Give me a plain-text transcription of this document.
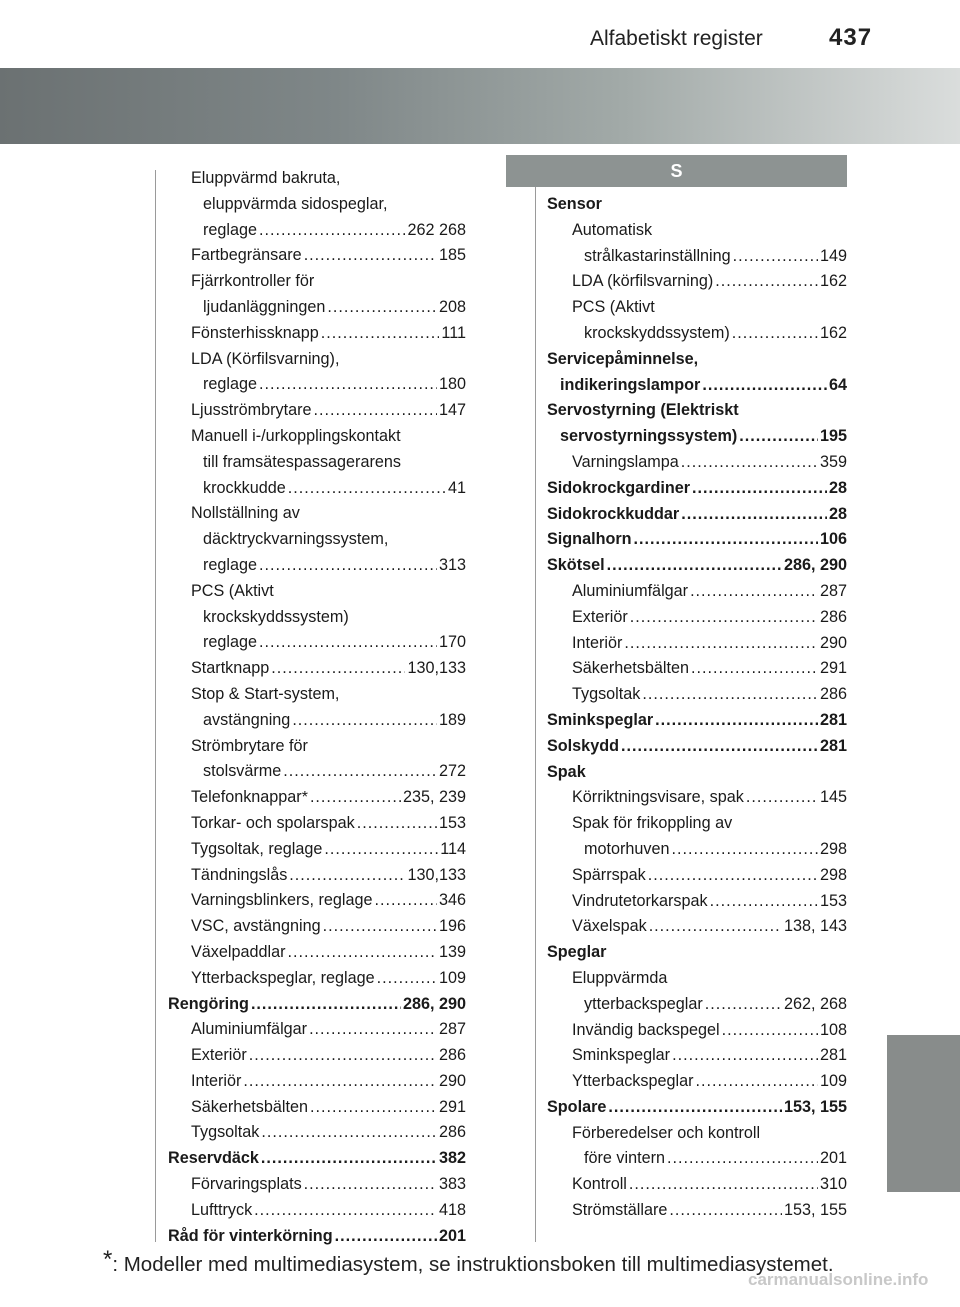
Alfabetiskt register	437
Eluppvärmd bakruta,
eluppvärmda sidospeglar,
reglage .....	262 268
Fartbegränsare .....	185
Fjärrkontroller för
ljudanläggningen .....	208
Fönsterhissknapp .....	111
LDA (Körfilsvarning),
reglage .....	180
Ljusströmbrytare .....	147
Manuell i-/urkopplingskontakt
till framsätespassagerarens
krockkudde .....	41
Nollställning av
däcktryckvarningssystem,
reglage .....	313
PCS (Aktivt
krockskyddssystem)
reglage .....	170
Startknapp .....	130,133
Stop & Start-system,
avstängning .....	189
Strömbrytare för
stolsvärme .....	272
Telefonknappar * .....	235, 239
Torkar- och spolarspak .....	153
Tygsoltak, reglage .....	114
Tändningslås .....	130,133
Varningsblinkers, reglage .....	346
VSC, avstängning .....	196
Växelpaddlar .....	139
Ytterbackspeglar, reglage .....	109
Rengöring .....	286, 290
Aluminiumfälgar .....	287
Exteriör .....	286
Interiör .....	290
Säkerhetsbälten .....	291
Tygsoltak .....	286
Reservdäck .....	382
Förvaringsplats .....	383
Lufttryck .....	418
Råd för vinterkörning .....	201
S
Sensor
Automatisk
strålkastarinställning .....	149
LDA (körfilsvarning) .....	162
PCS (Aktivt
krockskyddssystem) .....	162
Servicepåminnelse,
indikeringslampor .....	64
Servostyrning (Elektriskt
servostyrningssystem) .....	195
Varningslampa .....	359
Sidokrockgardiner .....	28
Sidokrockkuddar .....	28
Signalhorn .....	106
Skötsel .....	286, 290
Aluminiumfälgar .....	287
Exteriör .....	286
Interiör .....	290
Säkerhetsbälten .....	291
Tygsoltak .....	286
Sminkspeglar .....	281
Solskydd .....	281
Spak
Körriktningsvisare, spak .....	145
Spak för frikoppling av
motorhuven .....	298
Spärrspak .....	298
Vindrutetorkarspak .....	153
Växelspak .....	138, 143
Speglar
Eluppvärmda
ytterbackspeglar .....	262, 268
Invändig backspegel .....	108
Sminkspeglar .....	281
Ytterbackspeglar .....	109
Spolare .....	153, 155
Förberedelser och kontroll
före vintern .....	201
Kontroll .....	310
Strömställare .....	153, 155
*: Modeller med multimediasystem, se instruktionsboken till multimediasystemet.
carmanualsonline.info
